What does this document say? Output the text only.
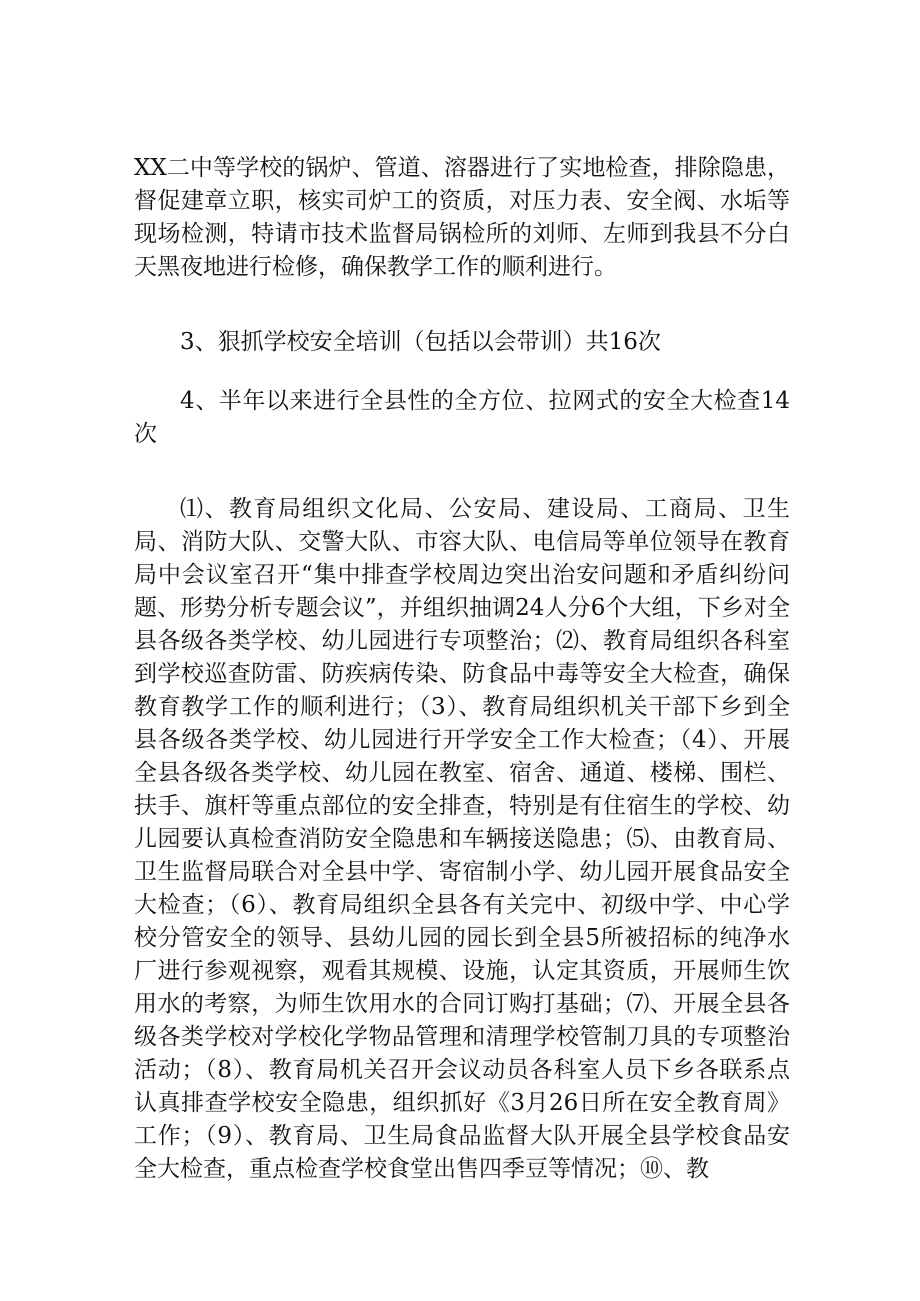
XX二中等学校的锅炉、管道、溶器进行了实地检查，排除隐患，督促建章立职，核实司炉工的资质，对压力表、安全阀、水垢等现场检测，特请市技术监督局锅检所的刘师、左师到我县不分白天黑夜地进行检修，确保教学工作的顺利进行。

3、狠抓学校安全培训（包括以会带训）共16次

4、半年以来进行全县性的全方位、拉网式的安全大检查14次

⑴、教育局组织文化局、公安局、建设局、工商局、卫生局、消防大队、交警大队、市容大队、电信局等单位领导在教育局中会议室召开“集中排查学校周边突出治安问题和矛盾纠纷问题、形势分析专题会议”，并组织抽调24人分6个大组，下乡对全县各级各类学校、幼儿园进行专项整治；⑵、教育局组织各科室到学校巡查防雷、防疾病传染、防食品中毒等安全大检查，确保教育教学工作的顺利进行；（3）、教育局组织机关干部下乡到全县各级各类学校、幼儿园进行开学安全工作大检查；（4）、开展全县各级各类学校、幼儿园在教室、宿舍、通道、楼梯、围栏、扶手、旗杆等重点部位的安全排查，特别是有住宿生的学校、幼儿园要认真检查消防安全隐患和车辆接送隐患；⑸、由教育局、卫生监督局联合对全县中学、寄宿制小学、幼儿园开展食品安全大检查；（6）、教育局组织全县各有关完中、初级中学、中心学校分管安全的领导、县幼儿园的园长到全县5所被招标的纯净水厂进行参观视察，观看其规模、设施，认定其资质，开展师生饮用水的考察，为师生饮用水的合同订购打基础；⑺、开展全县各级各类学校对学校化学物品管理和清理学校管制刀具的专项整治活动；（8）、教育局机关召开会议动员各科室人员下乡各联系点认真排查学校安全隐患，组织抓好《3月26日所在安全教育周》工作；（9）、教育局、卫生局食品监督大队开展全县学校食品安全大检查，重点检查学校食堂出售四季豆等情况；⑩、教
